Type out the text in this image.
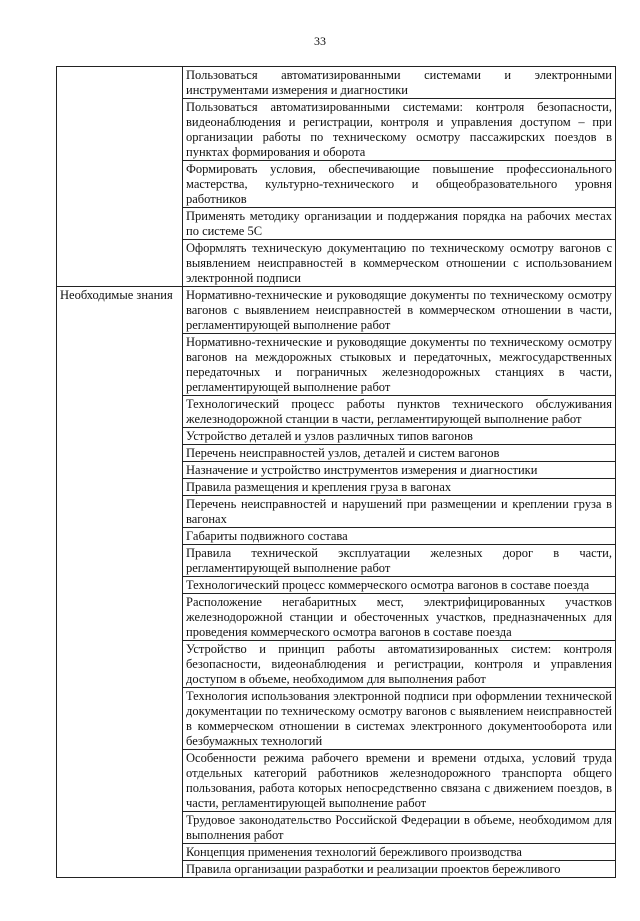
33
	Пользоваться автоматизированными системами и электронными инструментами измерения и диагностики
	Пользоваться автоматизированными системами: контроля безопасности, видеонаблюдения и регистрации, контроля и управления доступом – при организации работы по техническому осмотру пассажирских поездов в пунктах формирования и оборота
	Формировать условия, обеспечивающие повышение профессионального мастерства, культурно-технического и общеобразовательного уровня работников
	Применять методику организации и поддержания порядка на рабочих местах по системе 5С
	Оформлять техническую документацию по техническому осмотру вагонов с выявлением неисправностей в коммерческом отношении с использованием электронной подписи
Необходимые знания	Нормативно-технические и руководящие документы по техническому осмотру вагонов с выявлением неисправностей в коммерческом отношении в части, регламентирующей выполнение работ
	Нормативно-технические и руководящие документы по техническому осмотру вагонов на междорожных стыковых и передаточных, межгосударственных передаточных и пограничных железнодорожных станциях в части, регламентирующей выполнение работ
	Технологический процесс работы пунктов технического обслуживания железнодорожной станции в части, регламентирующей выполнение работ
	Устройство деталей и узлов различных типов вагонов
	Перечень неисправностей узлов, деталей и систем вагонов
	Назначение и устройство инструментов измерения и диагностики
	Правила размещения и крепления груза в вагонах
	Перечень неисправностей и нарушений при размещении и креплении груза в вагонах
	Габариты подвижного состава
	Правила технической эксплуатации железных дорог в части, регламентирующей выполнение работ
	Технологический процесс коммерческого осмотра вагонов в составе поезда
	Расположение негабаритных мест, электрифицированных участков железнодорожной станции и обесточенных участков, предназначенных для проведения коммерческого осмотра вагонов в составе поезда
	Устройство и принцип работы автоматизированных систем: контроля безопасности, видеонаблюдения и регистрации, контроля и управления доступом в объеме, необходимом для выполнения работ
	Технология использования электронной подписи при оформлении технической документации по техническому осмотру вагонов с выявлением неисправностей в коммерческом отношении в системах электронного документооборота или безбумажных технологий
	Особенности режима рабочего времени и времени отдыха, условий труда отдельных категорий работников железнодорожного транспорта общего пользования, работа которых непосредственно связана с движением поездов, в части, регламентирующей выполнение работ
	Трудовое законодательство Российской Федерации в объеме, необходимом для выполнения работ
	Концепция применения технологий бережливого производства
	Правила организации разработки и реализации проектов бережливого
